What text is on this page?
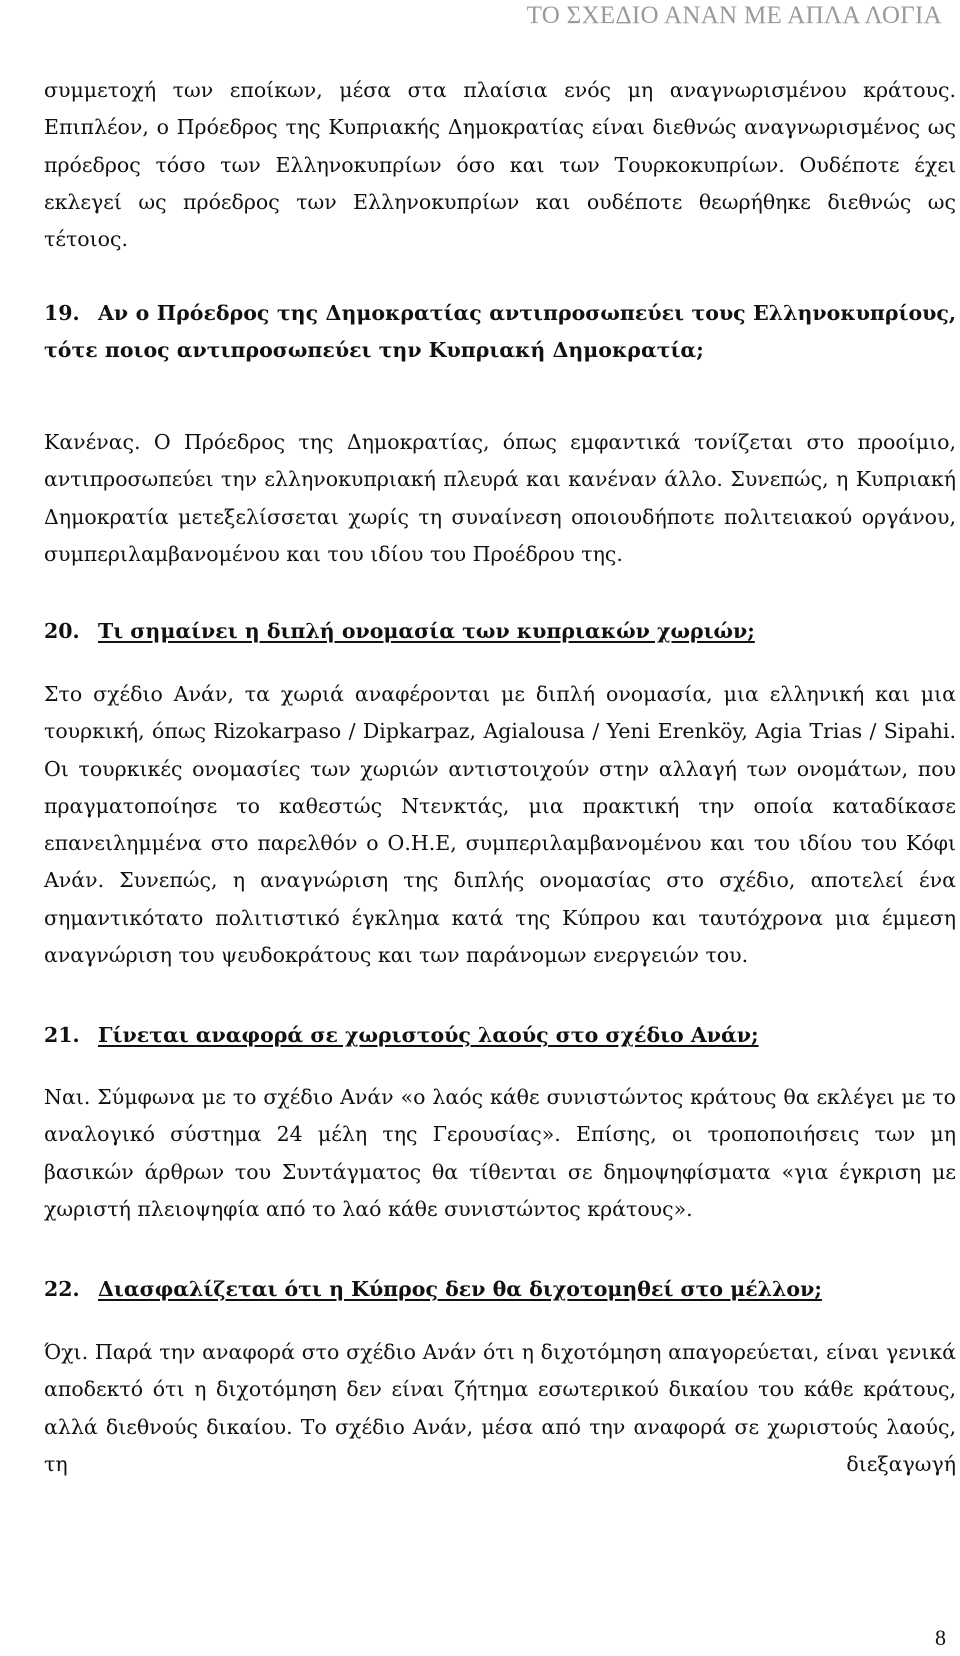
ΤΟ ΣΧΕΔΙΟ ΑΝΑΝ ΜΕ ΑΠΛΑ ΛΟΓΙΑ

συμμετοχή των εποίκων, μέσα στα πλαίσια ενός μη αναγνωρισμένου κράτους. Επιπλέον, ο Πρόεδρος της Κυπριακής Δημοκρατίας είναι διεθνώς αναγνωρισμένος ως πρόεδρος τόσο των Ελληνοκυπρίων όσο και των Τουρκοκυπρίων. Ουδέποτε έχει εκλεγεί ως πρόεδρος των Ελληνοκυπρίων και ουδέποτε θεωρήθηκε διεθνώς ως τέτοιος.

19. Αν ο Πρόεδρος της Δημοκρατίας αντιπροσωπεύει τους Ελληνοκυπρίους, τότε ποιος αντιπροσωπεύει την Κυπριακή Δημοκρατία;

Κανένας. Ο Πρόεδρος της Δημοκρατίας, όπως εμφαντικά τονίζεται στο προοίμιο, αντιπροσωπεύει την ελληνοκυπριακή πλευρά και κανέναν άλλο. Συνεπώς, η Κυπριακή Δημοκρατία μετεξελίσσεται χωρίς τη συναίνεση οποιουδήποτε πολιτειακού οργάνου, συμπεριλαμβανομένου και του ιδίου του Προέδρου της.

20. Τι σημαίνει η διπλή ονομασία των κυπριακών χωριών;

Στο σχέδιο Ανάν, τα χωριά αναφέρονται με διπλή ονομασία, μια ελληνική και μια τουρκική, όπως Rizokarpaso / Dipkarpaz, Agialousa / Yeni Erenköy, Agia Trias / Sipahi. Οι τουρκικές ονομασίες των χωριών αντιστοιχούν στην αλλαγή των ονομάτων, που πραγματοποίησε το καθεστώς Ντενκτάς, μια πρακτική την οποία καταδίκασε επανειλημμένα στο παρελθόν ο Ο.Η.Ε, συμπεριλαμβανομένου και του ιδίου του Κόφι Ανάν. Συνεπώς, η αναγνώριση της διπλής ονομασίας στο σχέδιο, αποτελεί ένα σημαντικότατο πολιτιστικό έγκλημα κατά της Κύπρου και ταυτόχρονα μια έμμεση αναγνώριση του ψευδοκράτους και των παράνομων ενεργειών του.

21. Γίνεται αναφορά σε χωριστούς λαούς στο σχέδιο Ανάν;

Ναι. Σύμφωνα με το σχέδιο Ανάν «ο λαός κάθε συνιστώντος κράτους θα εκλέγει με το αναλογικό σύστημα 24 μέλη της Γερουσίας». Επίσης, οι τροποποιήσεις των μη βασικών άρθρων του Συντάγματος θα τίθενται σε δημοψηφίσματα «για έγκριση με χωριστή πλειοψηφία από το λαό κάθε συνιστώντος κράτους».

22. Διασφαλίζεται ότι η Κύπρος δεν θα διχοτομηθεί στο μέλλον;

Όχι. Παρά την αναφορά στο σχέδιο Ανάν ότι η διχοτόμηση απαγορεύεται, είναι γενικά αποδεκτό ότι η διχοτόμηση δεν είναι ζήτημα εσωτερικού δικαίου του κάθε κράτους, αλλά διεθνούς δικαίου. Το σχέδιο Ανάν, μέσα από την αναφορά σε χωριστούς λαούς, τη διεξαγωγή

8
